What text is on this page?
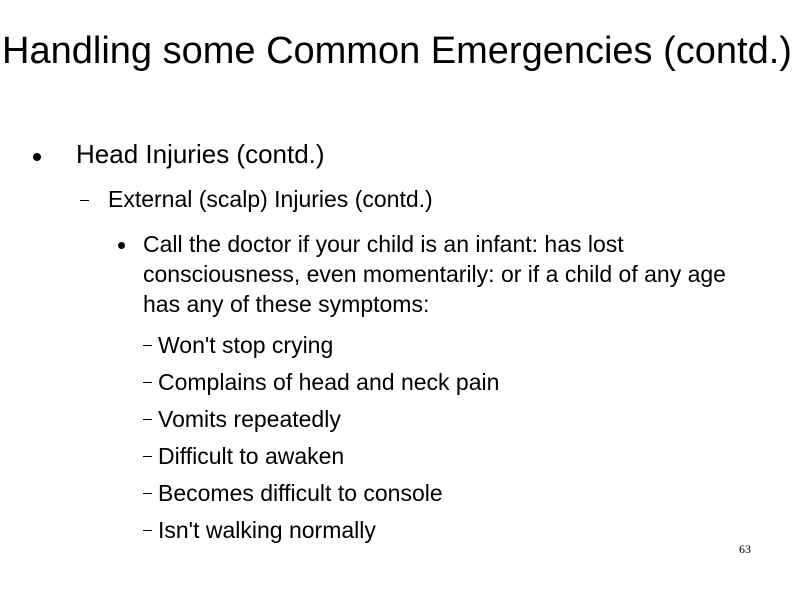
Handling some Common Emergencies (contd.)
Head Injuries (contd.)
External (scalp) Injuries (contd.)
Call the doctor if your child is an infant: has lost consciousness, even momentarily: or if a child of any age has any of these symptoms:
Won't stop crying
Complains of head and neck pain
Vomits repeatedly
Difficult to awaken
Becomes difficult to console
Isn't walking normally
63
